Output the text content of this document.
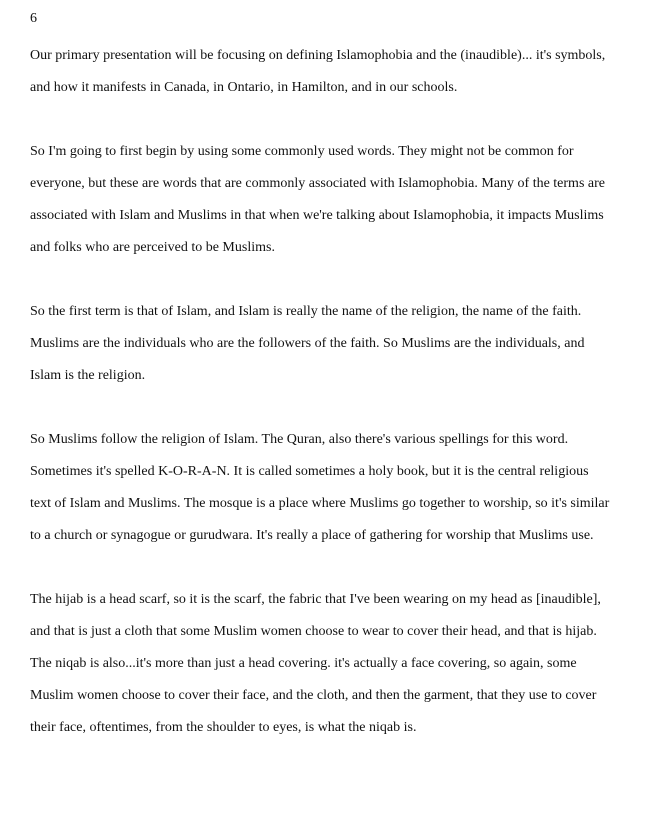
6

Our primary presentation will be focusing on defining Islamophobia and the (inaudible)... it's symbols,

and how it manifests in Canada, in Ontario, in Hamilton, and in our schools.

So I'm going to first begin by using some commonly used words. They might not be common for

everyone, but these are words that are commonly associated with Islamophobia. Many of the terms are

associated with Islam and Muslims in that when we're talking about Islamophobia, it impacts Muslims

and folks who are perceived to be Muslims.

So the first term is that of Islam, and Islam is really the name of the religion, the name of the faith.

Muslims are the individuals who are the followers of the faith. So Muslims are the individuals, and

Islam is the religion.

So Muslims follow the religion of Islam. The Quran, also there's various spellings for this word.

Sometimes it's spelled K-O-R-A-N. It is called sometimes a holy book, but it is the central religious

text of Islam and Muslims. The mosque is a place where Muslims go together to worship, so it's similar

to a church or synagogue or gurudwara. It's really a place of gathering for worship that Muslims use.

The hijab is a head scarf, so it is the scarf, the fabric that I've been wearing on my head as [inaudible],

and that is just a cloth that some Muslim women choose to wear to cover their head, and that is hijab.

The niqab is also...it's more than just a head covering. it's actually a face covering, so again, some

Muslim women choose to cover their face, and the cloth, and then the garment, that they use to cover

their face, oftentimes, from the shoulder to eyes, is what the niqab is.
